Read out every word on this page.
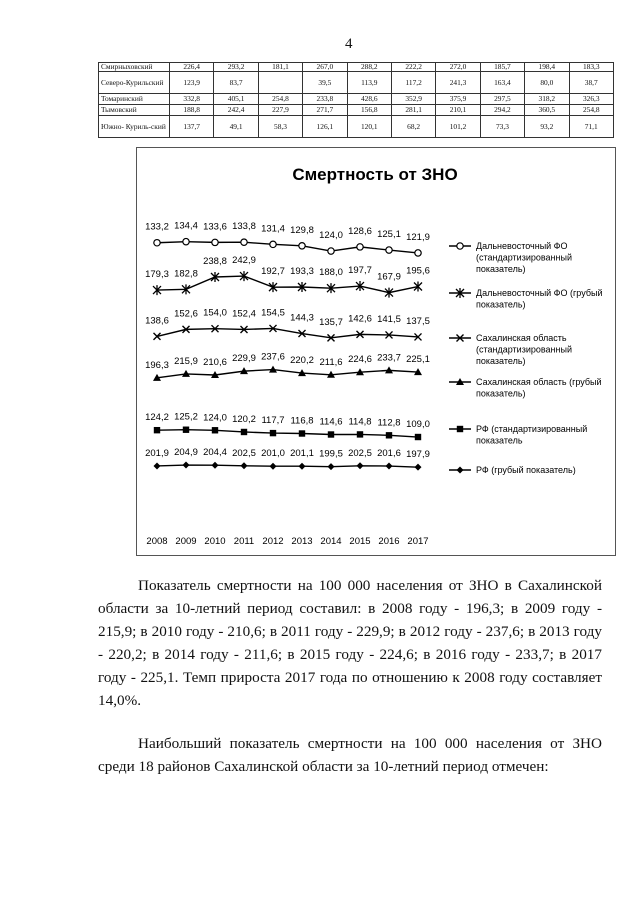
4
Смирныховский	226,4	293,2	181,1	267,0	288,2	222,2	272,0	185,7	198,4	183,3
Северо-Курильский	123,9	83,7		39,5	113,9	117,2	241,3	163,4	80,0	38,7
Томаринский	332,8	405,1	254,8	233,8	428,6	352,9	375,9	297,5	318,2	326,3
Тымовский	188,8	242,4	227,9	271,7	156,8	281,1	210,1	294,2	360,5	254,8
Южно- Куриль-ский	137,7	49,1	58,3	126,1	120,1	68,2	101,2	73,3	93,2	71,1
Смертность от ЗНО
133,2 134,4 133,6 133,8 131,4 129,8 124,0 128,6 125,1 121,9
179,3 182,8
238,8 242,9
192,7 193,3 188,0 197,7
167,9
195,6
138,6
152,6 154,0 152,4 154,5 144,3 135,7 142,6 141,5 137,5
196,3 215,9 210,6 229,9 237,6 220,2 211,6 224,6 233,7 225,1
124,2 125,2 124,0 120,2 117,7 116,8 114,6 114,8 112,8 109,0
201,9 204,9 204,4 202,5 201,0 201,1 199,5 202,5 201,6 197,9
2008 2009 2010 2011 2012 2013 2014 2015 2016 2017
Дальневосточный ФО
(стандартизированный
показатель)
Дальневосточный ФО (грубый
показатель)
Сахалинская область
(стандартизированный
показатель)
Сахалинская область (грубый
показатель)
РФ (стандартизированный
показатель
РФ (грубый показатель)
Показатель смертности на 100 000 населения от ЗНО в Сахалинской области за 10-летний период составил: в 2008 году - 196,3; в 2009 году - 215,9; в 2010 году - 210,6; в 2011 году - 229,9; в 2012 году - 237,6; в 2013 году - 220,2; в 2014 году - 211,6; в 2015 году - 224,6; в 2016 году - 233,7; в 2017 году - 225,1. Темп прироста 2017 года по отношению к 2008 году составляет 14,0%.
Наибольший показатель смертности на 100 000 населения от ЗНО среди 18 районов Сахалинской области за 10-летний период отмечен:
